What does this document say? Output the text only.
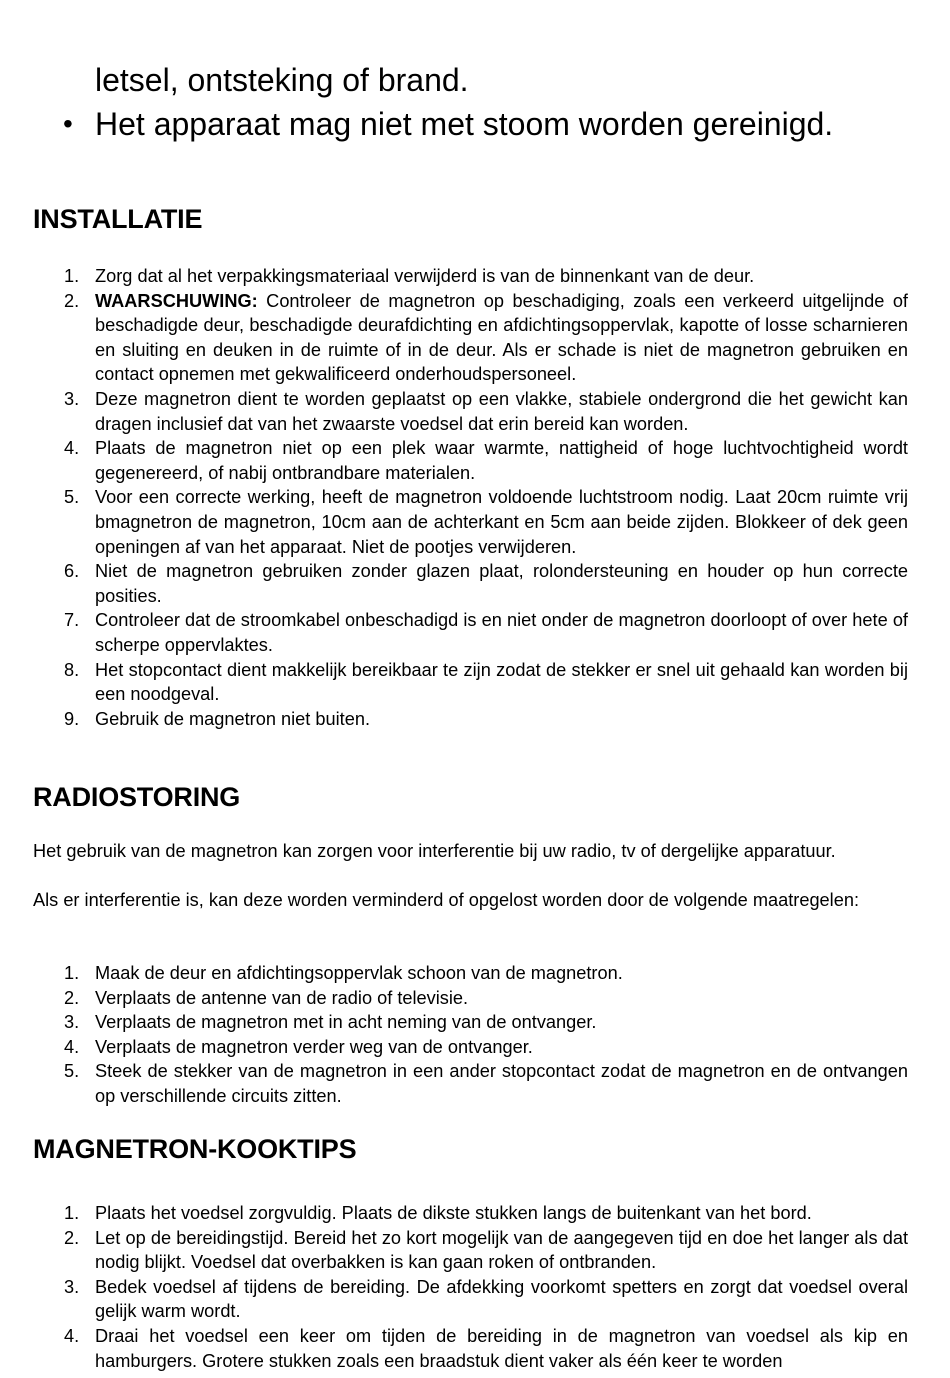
letsel, ontsteking of brand.
• Het apparaat mag niet met stoom worden gereinigd.
INSTALLATIE
1. Zorg dat al het verpakkingsmateriaal verwijderd is van de binnenkant van de deur.
2. WAARSCHUWING: Controleer de magnetron op beschadiging, zoals een verkeerd uitgelijnde of beschadigde deur, beschadigde deurafdichting en afdichtingsoppervlak, kapotte of losse scharnieren en sluiting en deuken in de ruimte of in de deur. Als er schade is niet de magnetron gebruiken en contact opnemen met gekwalificeerd onderhoudspersoneel.
3. Deze magnetron dient te worden geplaatst op een vlakke, stabiele ondergrond die het gewicht kan dragen inclusief dat van het zwaarste voedsel dat erin bereid kan worden.
4. Plaats de magnetron niet op een plek waar warmte, nattigheid of hoge luchtvochtigheid wordt gegenereerd, of nabij ontbrandbare materialen.
5. Voor een correcte werking, heeft de magnetron voldoende luchtstroom nodig. Laat 20cm ruimte vrij bmagnetron de magnetron, 10cm aan de achterkant en 5cm aan beide zijden. Blokkeer of dek geen openingen af van het apparaat. Niet de pootjes verwijderen.
6. Niet de magnetron gebruiken zonder glazen plaat, rolondersteuning en houder op hun correcte posities.
7. Controleer dat de stroomkabel onbeschadigd is en niet onder de magnetron doorloopt of over hete of scherpe oppervlaktes.
8. Het stopcontact dient makkelijk bereikbaar te zijn zodat de stekker er snel uit gehaald kan worden bij een noodgeval.
9. Gebruik de magnetron niet buiten.
RADIOSTORING

Het gebruik van de magnetron kan zorgen voor interferentie bij uw radio, tv of dergelijke apparatuur.

Als er interferentie is, kan deze worden verminderd of opgelost worden door de volgende maatregelen:

1. Maak de deur en afdichtingsoppervlak schoon van de magnetron.
2. Verplaats de antenne van de radio of televisie.
3. Verplaats de magnetron met in acht neming van de ontvanger.
4. Verplaats de magnetron verder weg van de ontvanger.
5. Steek de stekker van de magnetron in een ander stopcontact zodat de magnetron en de ontvangen op verschillende circuits zitten.
MAGNETRON-KOOKTIPS
1. Plaats het voedsel zorgvuldig. Plaats de dikste stukken langs de buitenkant van het bord.
2. Let op de bereidingstijd. Bereid het zo kort mogelijk van de aangegeven tijd en doe het langer als dat nodig blijkt. Voedsel dat overbakken is kan gaan roken of ontbranden.
3. Bedek voedsel af tijdens de bereiding. De afdekking voorkomt spetters en zorgt dat voedsel overal gelijk warm wordt.
4. Draai het voedsel een keer om tijden de bereiding in de magnetron van voedsel als kip en hamburgers. Grotere stukken zoals een braadstuk dient vaker als één keer te worden
